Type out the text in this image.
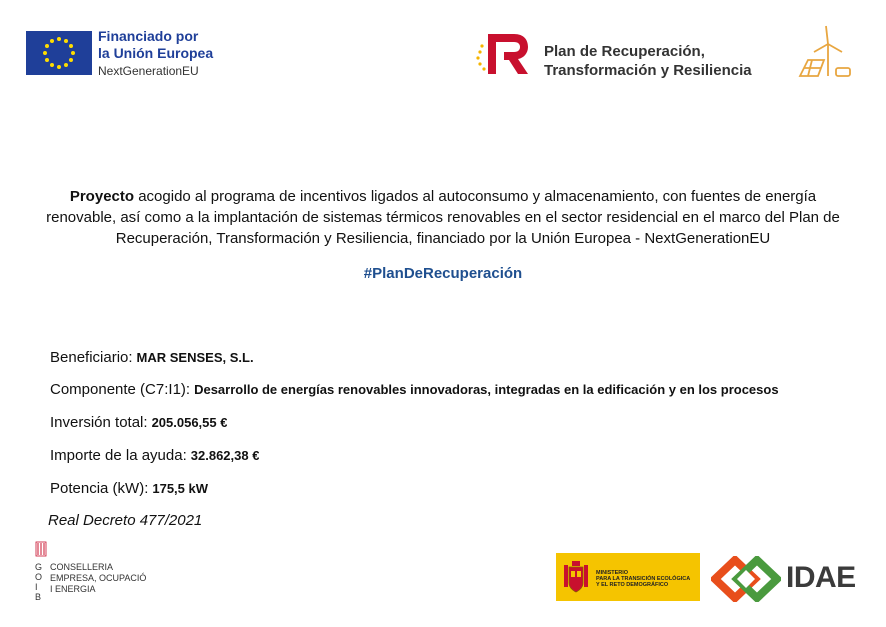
Financiado por
la Unión Europea
NextGenerationEU
Plan de Recuperación,
Transformación y Resiliencia
Proyecto acogido al programa de incentivos ligados al autoconsumo y almacenamiento, con fuentes de energía renovable, así como a la implantación de sistemas térmicos renovables en el sector residencial en el marco del Plan de Recuperación, Transformación y Resiliencia, financiado por la Unión Europea - NextGenerationEU
#PlanDeRecuperación
Beneficiario: MAR SENSES, S.L.
Componente (C7:I1): Desarrollo de energías renovables innovadoras, integradas en la edificación y en los procesos
Inversión total: 205.056,55 €
Importe de la ayuda: 32.862,38 €
Potencia (kW): 175,5 kW
Real Decreto 477/2021
G
O
I
B
CONSELLERIA
EMPRESA, OCUPACIÓ
I ENERGIA
MINISTERIO
PARA LA TRANSICIÓN ECOLÓGICA
Y EL RETO DEMOGRÁFICO	IDAE
